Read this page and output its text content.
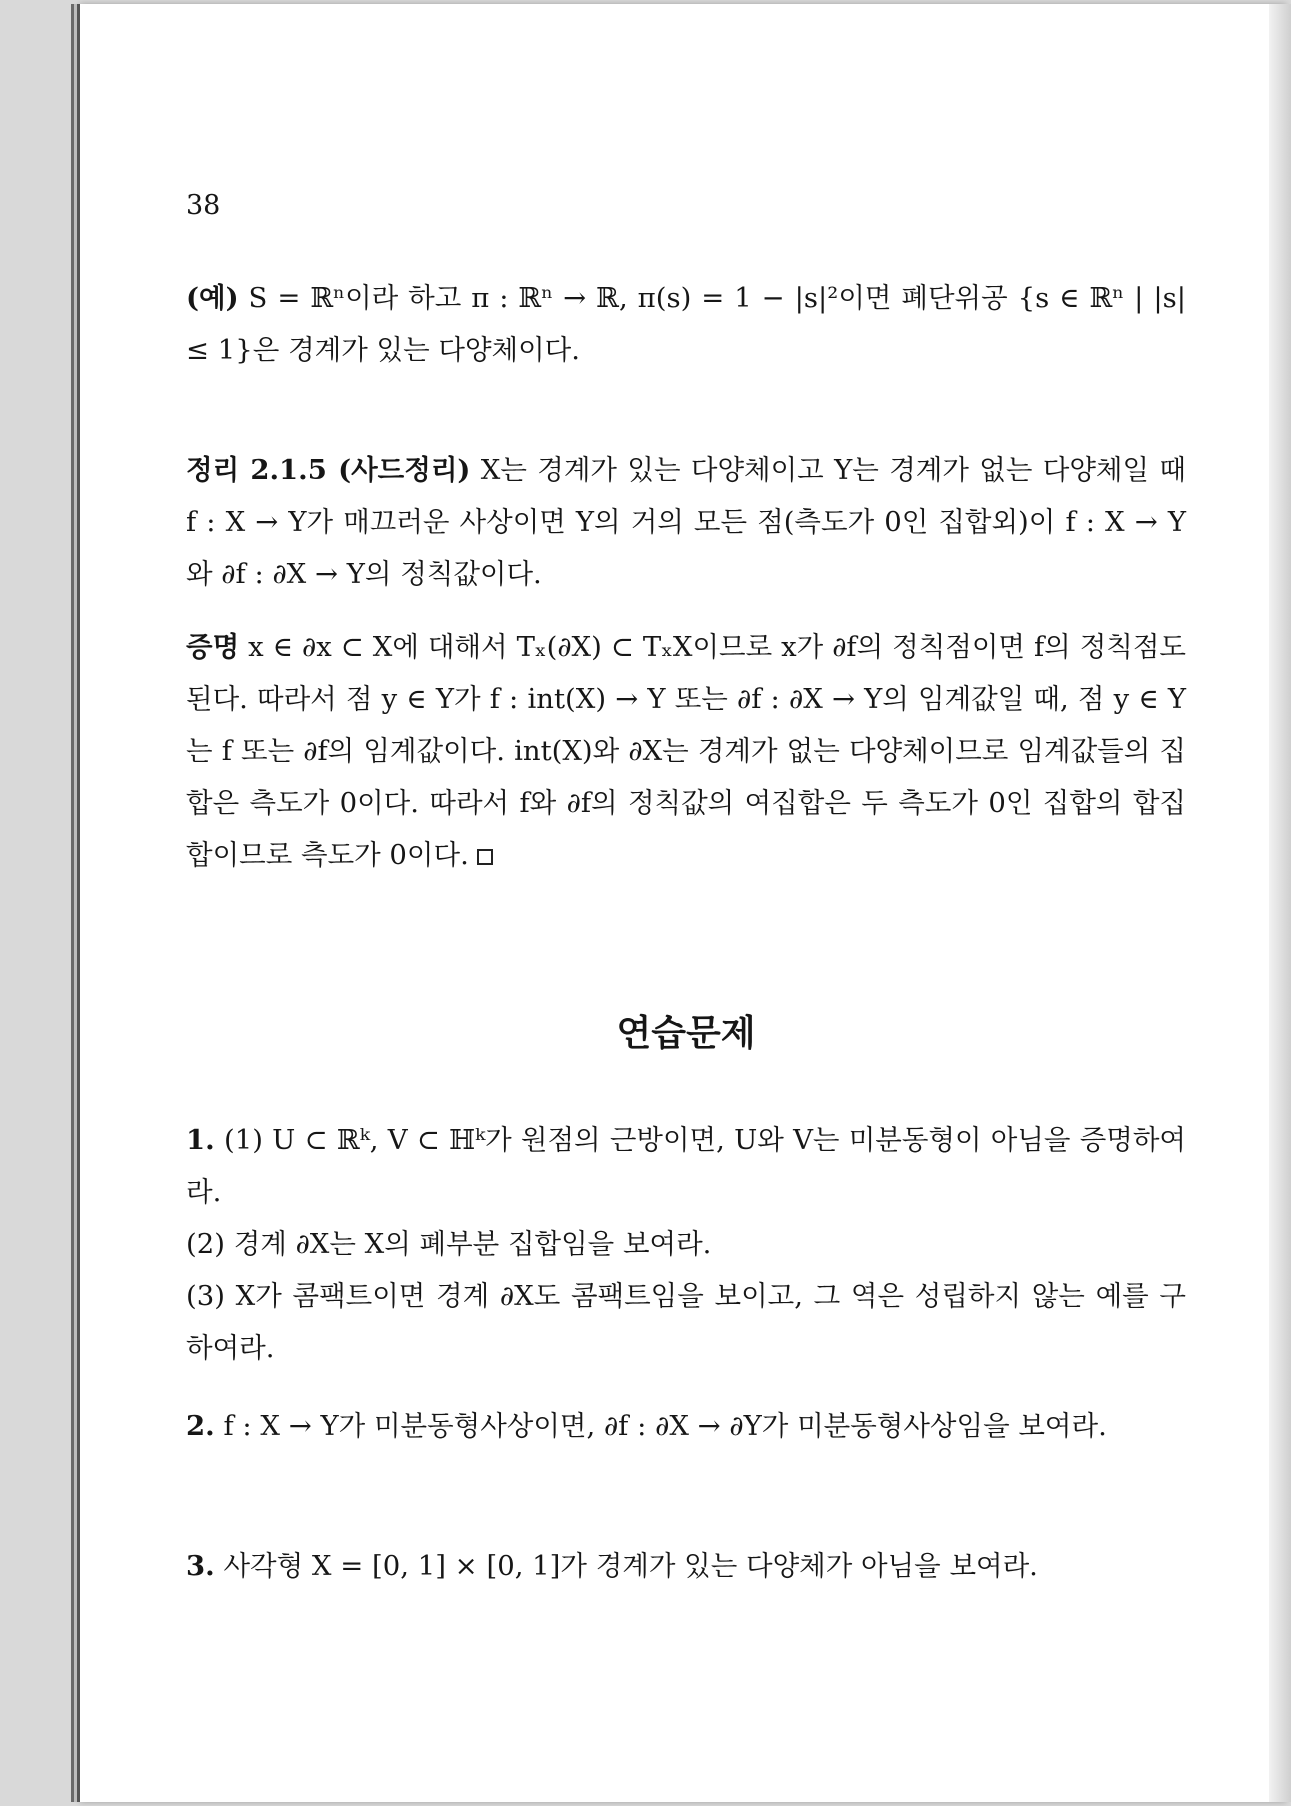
38
(예) S = ℝⁿ이라 하고 π : ℝⁿ → ℝ, π(s) = 1 − |s|²이면 폐단위공 {s ∈ ℝⁿ | |s| ≤ 1}은 경계가 있는 다양체이다.
정리 2.1.5 (사드정리) X는 경계가 있는 다양체이고 Y는 경계가 없는 다양체일 때 f : X → Y가 매끄러운 사상이면 Y의 거의 모든 점(측도가 0인 집합외)이 f : X → Y와 ∂f : ∂X → Y의 정칙값이다.
증명 x ∈ ∂x ⊂ X에 대해서 Tₓ(∂X) ⊂ TₓX이므로 x가 ∂f의 정칙점이면 f의 정칙점도 된다. 따라서 점 y ∈ Y가 f : int(X) → Y 또는 ∂f : ∂X → Y의 임계값일 때, 점 y ∈ Y는 f 또는 ∂f의 임계값이다. int(X)와 ∂X는 경계가 없는 다양체이므로 임계값들의 집합은 측도가 0이다. 따라서 f와 ∂f의 정칙값의 여집합은 두 측도가 0인 집합의 합집합이므로 측도가 0이다.
연습문제
1. (1) U ⊂ ℝᵏ, V ⊂ ℍᵏ가 원점의 근방이면, U와 V는 미분동형이 아님을 증명하여라.
(2) 경계 ∂X는 X의 폐부분 집합임을 보여라.
(3) X가 콤팩트이면 경계 ∂X도 콤팩트임을 보이고, 그 역은 성립하지 않는 예를 구하여라.
2. f : X → Y가 미분동형사상이면, ∂f : ∂X → ∂Y가 미분동형사상임을 보여라.
3. 사각형 X = [0, 1] × [0, 1]가 경계가 있는 다양체가 아님을 보여라.
